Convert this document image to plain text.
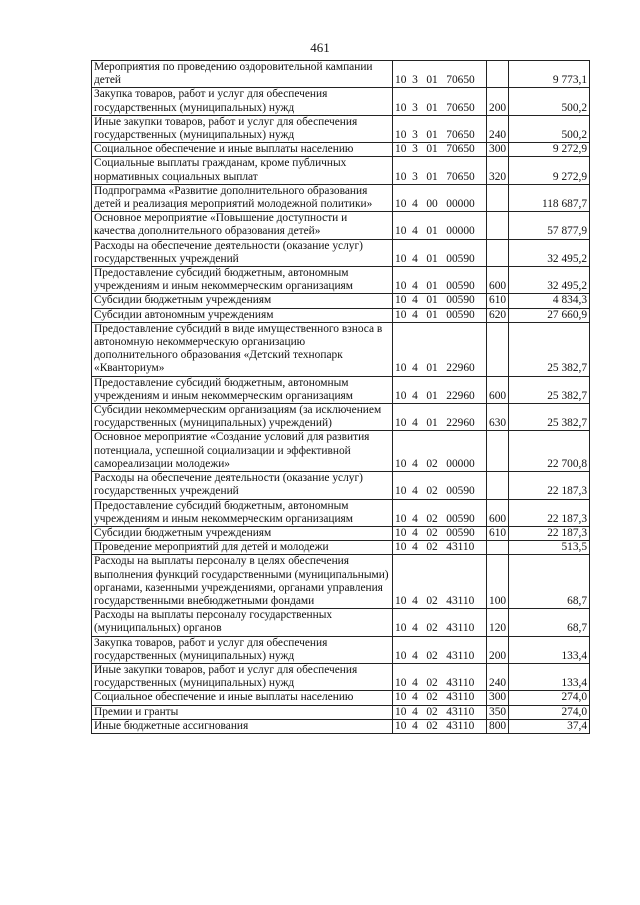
461
Мероприятия по проведению оздоровительной кампании детей	10  3   01   70650		9 773,1
Закупка товаров, работ и услуг для обеспечения государственных (муниципальных) нужд	10  3   01   70650	200	500,2
Иные закупки товаров, работ и услуг для обеспечения государственных (муниципальных) нужд	10  3   01   70650	240	500,2
Социальное обеспечение и иные выплаты населению	10  3   01   70650	300	9 272,9
Социальные выплаты гражданам, кроме публичных нормативных социальных выплат	10  3   01   70650	320	9 272,9
Подпрограмма «Развитие дополнительного образования детей и реализация мероприятий молодежной политики»	10  4   00   00000		118 687,7
Основное мероприятие «Повышение доступности и качества дополнительного образования детей»	10  4   01   00000		57 877,9
Расходы на обеспечение деятельности (оказание услуг) государственных учреждений	10  4   01   00590		32 495,2
Предоставление субсидий бюджетным, автономным учреждениям и иным некоммерческим организациям	10  4   01   00590	600	32 495,2
Субсидии бюджетным учреждениям	10  4   01   00590	610	4 834,3
Субсидии автономным учреждениям	10  4   01   00590	620	27 660,9
Предоставление субсидий в виде имущественного взноса в автономную некоммерческую организацию дополнительного образования «Детский технопарк «Кванториум»	10  4   01   22960		25 382,7
Предоставление субсидий бюджетным, автономным учреждениям и иным некоммерческим организациям	10  4   01   22960	600	25 382,7
Субсидии некоммерческим организациям (за исключением государственных (муниципальных) учреждений)	10  4   01   22960	630	25 382,7
Основное мероприятие «Создание условий для развития потенциала, успешной социализации и эффективной самореализации молодежи»	10  4   02   00000		22 700,8
Расходы на обеспечение деятельности (оказание услуг) государственных учреждений	10  4   02   00590		22 187,3
Предоставление субсидий бюджетным, автономным учреждениям и иным некоммерческим организациям	10  4   02   00590	600	22 187,3
Субсидии бюджетным учреждениям	10  4   02   00590	610	22 187,3
Проведение мероприятий для детей и молодежи	10  4   02   43110		513,5
Расходы на выплаты персоналу в целях обеспечения выполнения функций государственными (муниципальными) органами, казенными учреждениями, органами управления государственными внебюджетными фондами	10  4   02   43110	100	68,7
Расходы на выплаты персоналу государственных (муниципальных) органов	10  4   02   43110	120	68,7
Закупка товаров, работ и услуг для обеспечения государственных (муниципальных) нужд	10  4   02   43110	200	133,4
Иные закупки товаров, работ и услуг для обеспечения государственных (муниципальных) нужд	10  4   02   43110	240	133,4
Социальное обеспечение и иные выплаты населению	10  4   02   43110	300	274,0
Премии и гранты	10  4   02   43110	350	274,0
Иные бюджетные ассигнования	10  4   02   43110	800	37,4
